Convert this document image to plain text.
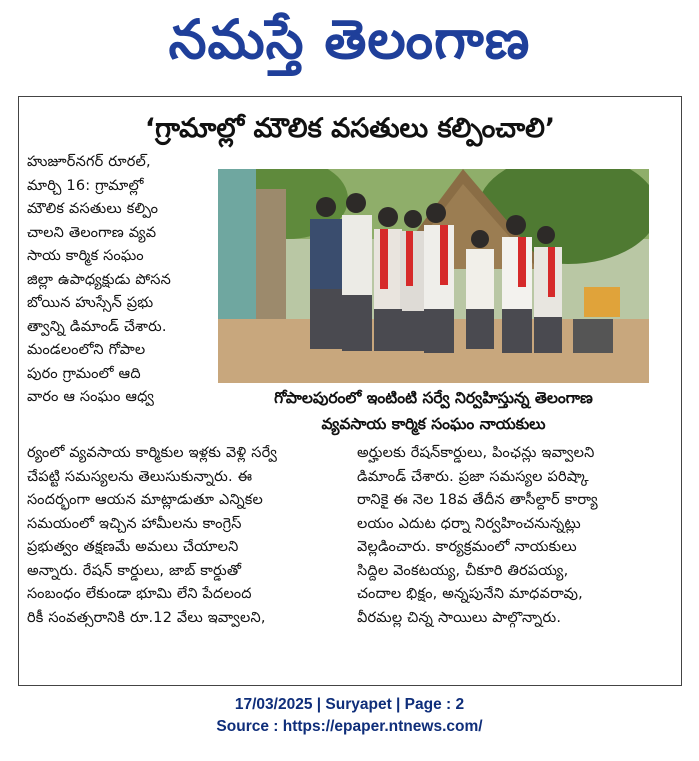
నమస్తే తెలంగాణ
‘గ్రామాల్లో మౌలిక వసతులు కల్పించాలి’
హుజూర్‌నగర్ రూరల్,
మార్చి 16: గ్రామాల్లో
మౌలిక వసతులు కల్పిం
చాలని తెలంగాణ వ్యవ
సాయ కార్మిక సంఘం
జిల్లా ఉపాధ్యక్షుడు పోసన
బోయిన హుస్సేన్ ప్రభు
త్వాన్ని డిమాండ్ చేశారు.
మండలంలోని గోపాల
పురం గ్రామంలో ఆది
వారం ఆ సంఘం ఆధ్వ	గోపాలపురంలో ఇంటింటి సర్వే నిర్వహిస్తున్న తెలంగాణ
వ్యవసాయ కార్మిక సంఘం నాయకులు
ర్యంలో వ్యవసాయ కార్మికుల ఇళ్లకు వెళ్లి సర్వే
చేపట్టి సమస్యలను తెలుసుకున్నారు. ఈ
సందర్భంగా ఆయన మాట్లాడుతూ ఎన్నికల
సమయంలో ఇచ్చిన హామీలను కాంగ్రెస్
ప్రభుత్వం తక్షణమే అమలు చేయాలని
అన్నారు. రేషన్ కార్డులు, జాబ్ కార్డుతో
సంబంధం లేకుండా భూమి లేని పేదలంద
రికీ సంవత్సరానికి రూ.12 వేలు ఇవ్వాలని,
అర్హులకు రేషన్‌కార్డులు, పింఛన్లు ఇవ్వాలని
డిమాండ్ చేశారు. ప్రజా సమస్యల పరిష్కా
రానికై ఈ నెల 18వ తేదీన తాసీల్దార్ కార్యా
లయం ఎదుట ధర్నా నిర్వహించనున్నట్లు
వెల్లడించారు. కార్యక్రమంలో నాయకులు
సిద్దిల వెంకటయ్య, చీకూరి తిరపయ్య,
చందాల భిక్షం, అన్నపునేని మాధవరావు,
వీరమల్ల చిన్న సాయిలు పాల్గొన్నారు.
17/03/2025 | Suryapet | Page : 2
Source : https://epaper.ntnews.com/
